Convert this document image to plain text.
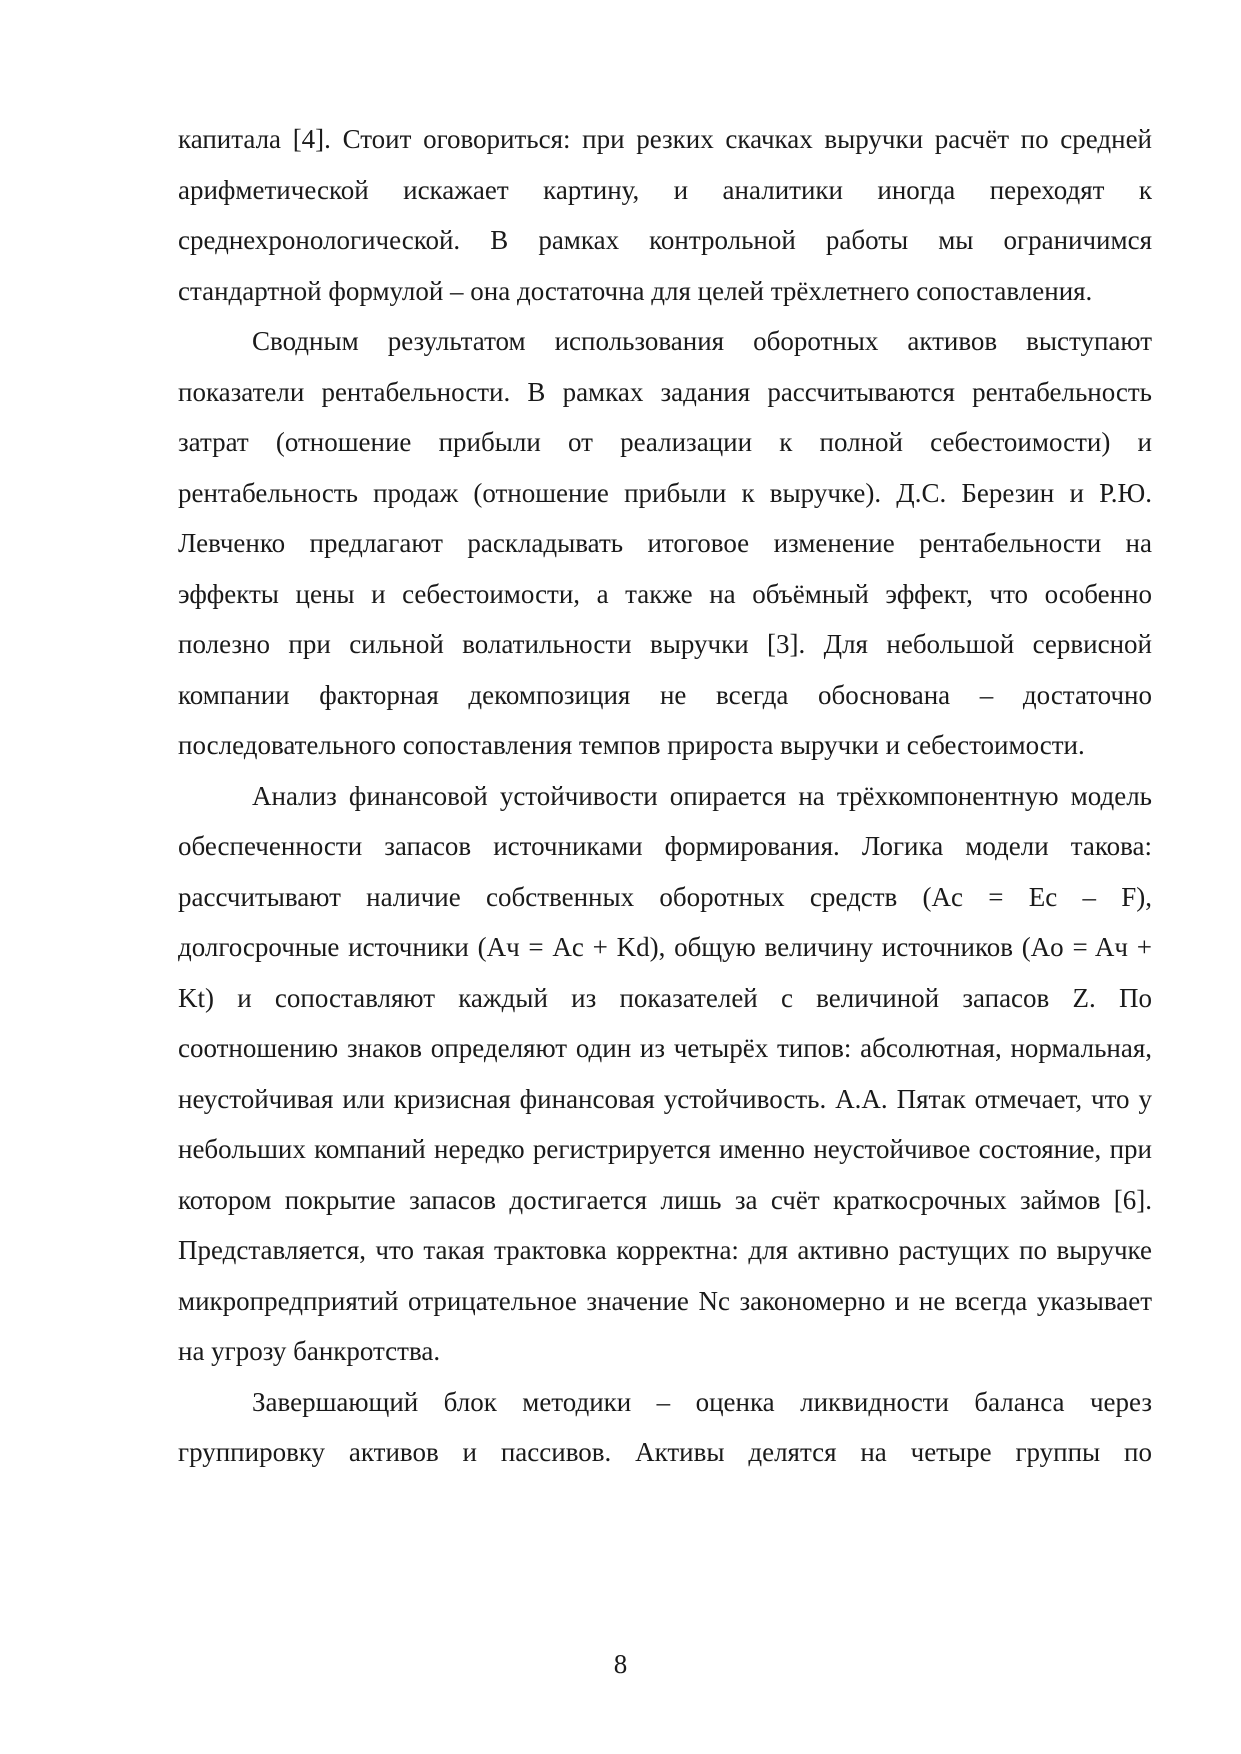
капитала [4]. Стоит оговориться: при резких скачках выручки расчёт по средней арифметической искажает картину, и аналитики иногда переходят к среднехронологической. В рамках контрольной работы мы ограничимся стандартной формулой – она достаточна для целей трёхлетнего сопоставления.

Сводным результатом использования оборотных активов выступают показатели рентабельности. В рамках задания рассчитываются рентабельность затрат (отношение прибыли от реализации к полной себестоимости) и рентабельность продаж (отношение прибыли к выручке). Д.С. Березин и Р.Ю. Левченко предлагают раскладывать итоговое изменение рентабельности на эффекты цены и себестоимости, а также на объёмный эффект, что особенно полезно при сильной волатильности выручки [3]. Для небольшой сервисной компании факторная декомпозиция не всегда обоснована – достаточно последовательного сопоставления темпов прироста выручки и себестоимости.

Анализ финансовой устойчивости опирается на трёхкомпонентную модель обеспеченности запасов источниками формирования. Логика модели такова: рассчитывают наличие собственных оборотных средств (Ac = Ec – F), долгосрочные источники (Aч = Ac + Kd), общую величину источников (Ao = Aч + Kt) и сопоставляют каждый из показателей с величиной запасов Z. По соотношению знаков определяют один из четырёх типов: абсолютная, нормальная, неустойчивая или кризисная финансовая устойчивость. А.А. Пятак отмечает, что у небольших компаний нередко регистрируется именно неустойчивое состояние, при котором покрытие запасов достигается лишь за счёт краткосрочных займов [6]. Представляется, что такая трактовка корректна: для активно растущих по выручке микропредприятий отрицательное значение Nc закономерно и не всегда указывает на угрозу банкротства.

Завершающий блок методики – оценка ликвидности баланса через группировку активов и пассивов. Активы делятся на четыре группы по

8
